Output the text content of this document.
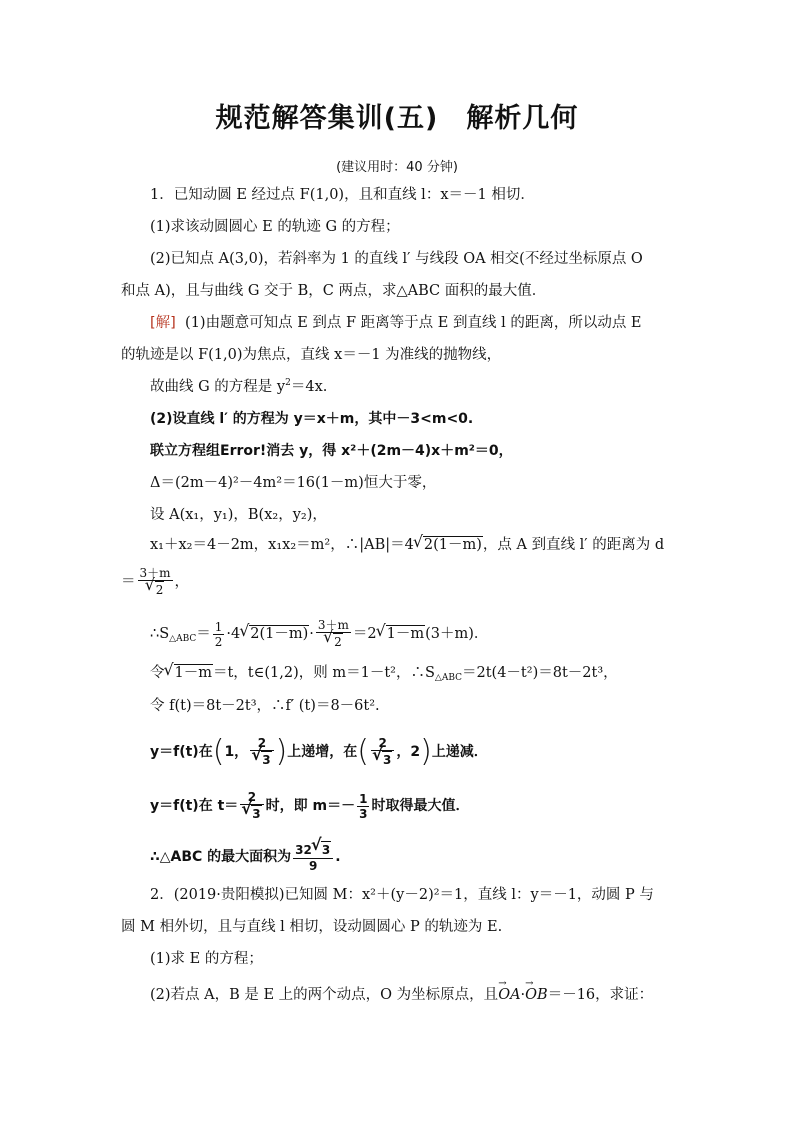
规范解答集训(五)　解析几何
(建议用时：40 分钟)
1．已知动圆 E 经过点 F(1,0)，且和直线 l：x＝－1 相切．
(1)求该动圆圆心 E 的轨迹 G 的方程；
(2)已知点 A(3,0)，若斜率为 1 的直线 l′ 与线段 OA 相交(不经过坐标原点 O
和点 A)，且与曲线 G 交于 B，C 两点，求△ABC 面积的最大值．
[解] (1)由题意可知点 E 到点 F 距离等于点 E 到直线 l 的距离，所以动点 E
的轨迹是以 F(1,0)为焦点，直线 x＝－1 为准线的抛物线，
故曲线 G 的方程是 $y^2=4x$.
(2)设直线 l′ 的方程为 y＝x＋m，其中－3<m<0.
联立方程组Error!消去 y，得 x²＋(2m－4)x＋m²＝0，
Δ＝(2m－4)²－4m²＝16(1－m)恒大于零，
设 A(x₁，y₁)，B(x₂，y₂)，
x₁＋x₂＝4－2m，x₁x₂＝m²，∴|AB|＝4√ 2(1－m)，点 A 到直线 l′ 的距离为 d
＝ 3＋m
√ 2 ，
$\therefore S_{\triangle ABC}= \frac{1}{2} \cdot 4√$ 2(1－m)· 3＋m
√ 2 ＝2√ 1－m(3＋m)．
令√ 1－m＝t，t∈(1,2)，则 m＝1－t²，$\therefore S_{\triangle ABC}=2t(4-t^2)=8t-2t^3$，
令 f(t)＝8t－2t³，∴f′ (t)＝8－6t².
y＝f(t)在(1， 2
√ 3 )上递增，在( 2
√ 3 ，2)上递减．
y＝f(t)在 t＝ 2
√ 3 时，即 $m=- \frac{1}{3}$ 时取得最大值．
∴△ABC 的最大面积为 $\frac{32√ 3}{9}$ .
2．(2019·贵阳模拟)已知圆 M：x²＋(y－2)²＝1，直线 l：y＝－1，动圆 P 与
圆 M 相外切，且与直线 l 相切，设动圆圆心 P 的轨迹为 E.
(1)求 E 的方程；
(2)若点 A，B 是 E 上的两个动点，O 为坐标原点，且→ OA·→ OB＝－16，求证：
